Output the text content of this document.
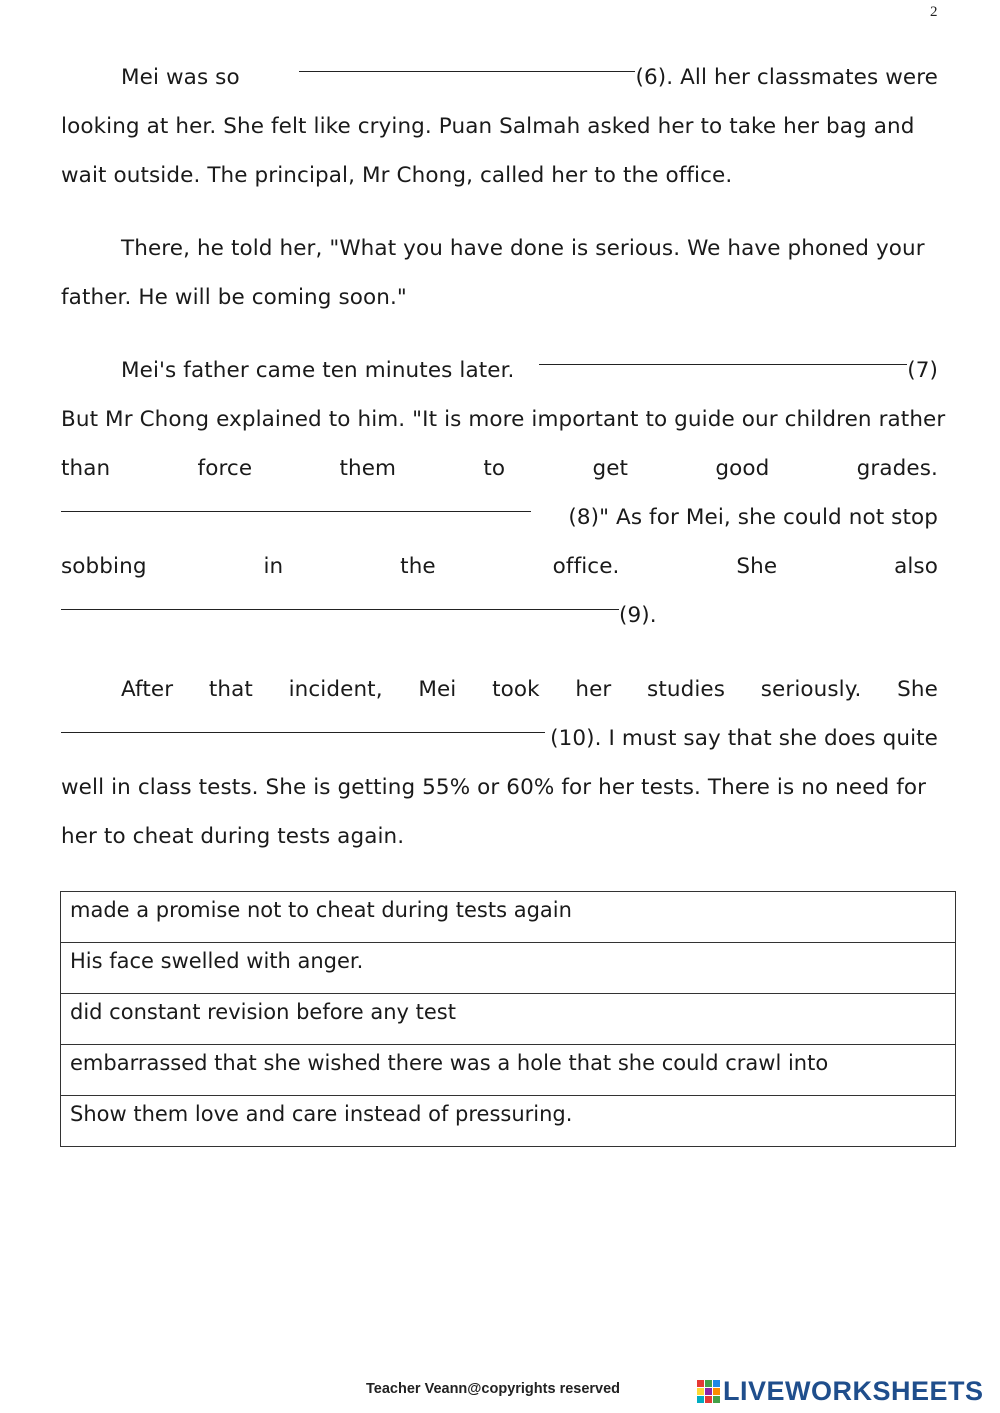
2
Mei was so	(6). All her classmates were
looking at her. She felt like crying. Puan Salmah asked her to take her bag and
wait outside. The principal, Mr Chong, called her to the office.
There, he told her, "What you have done is serious. We have phoned your
father. He will be coming soon."
Mei's father came ten minutes later.	(7)
But Mr Chong explained to him. "It is more important to guide our children rather
than	force	them	to	get	good	grades.
(8)" As for Mei, she could not stop
sobbing	in	the	office.	She	also
(9).
After that incident, Mei took her studies seriously. She
(10). I must say that she does quite
well in class tests. She is getting 55% or 60% for her tests. There is no need for
her to cheat during tests again.
made a promise not to cheat during tests again
His face swelled with anger.
did constant revision before any test
embarrassed that she wished there was a hole that she could crawl into
Show them love and care instead of pressuring.
Teacher Veann@copyrights reserved	LIVEWORKSHEETS
